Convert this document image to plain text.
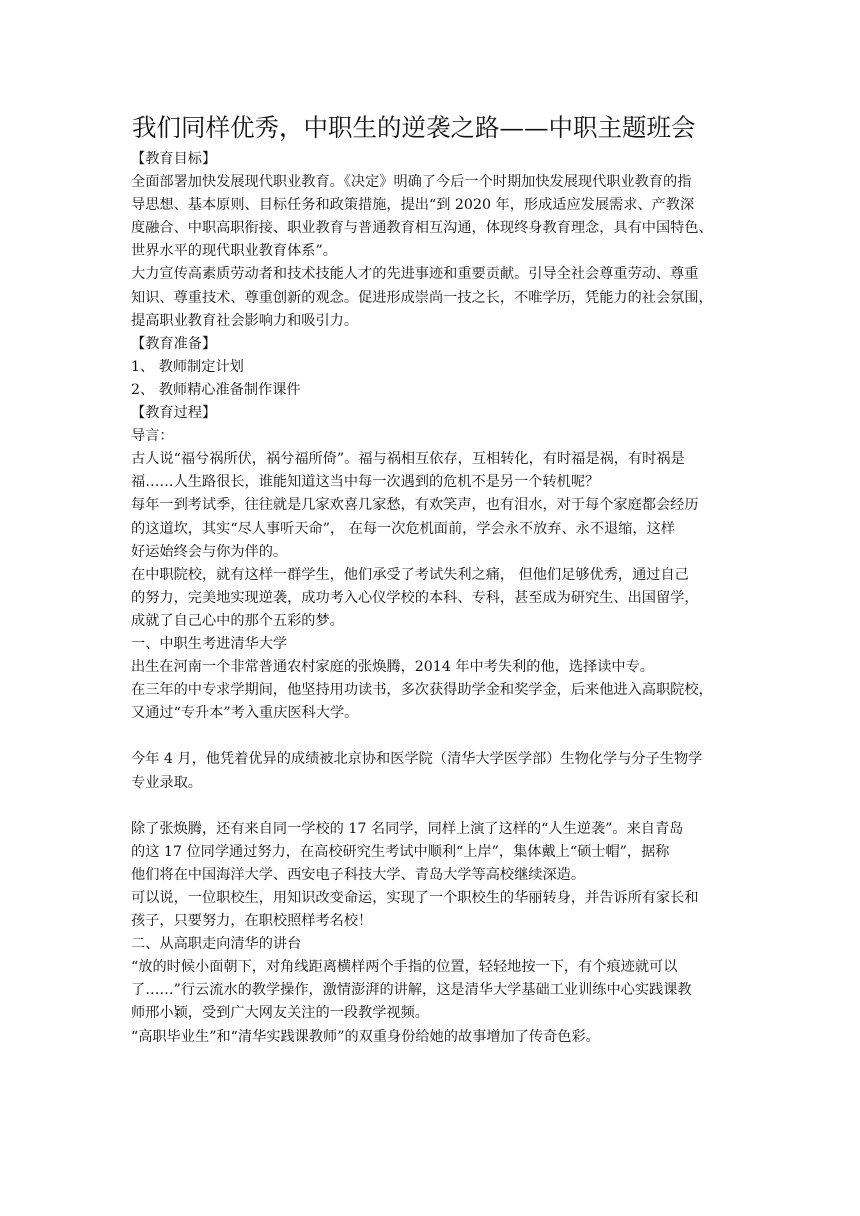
我们同样优秀，中职生的逆袭之路——中职主题班会

【教育目标】

全面部署加快发展现代职业教育。《决定》明确了今后一个时期加快发展现代职业教育的指

导思想、基本原则、目标任务和政策措施，提出“到 2020 年，形成适应发展需求、产教深

度融合、中职高职衔接、职业教育与普通教育相互沟通，体现终身教育理念，具有中国特色、

世界水平的现代职业教育体系”。

大力宣传高素质劳动者和技术技能人才的先进事迹和重要贡献。引导全社会尊重劳动、尊重

知识、尊重技术、尊重创新的观念。促进形成崇尚一技之长，不唯学历，凭能力的社会氛围，

提高职业教育社会影响力和吸引力。

【教育准备】

1、 教师制定计划

2、 教师精心准备制作课件

【教育过程】

导言：

古人说“福兮祸所伏，祸兮福所倚”。福与祸相互依存，互相转化，有时福是祸，有时祸是

福……人生路很长，谁能知道这当中每一次遇到的危机不是另一个转机呢？

每年一到考试季，往往就是几家欢喜几家愁，有欢笑声，也有泪水，对于每个家庭都会经历

的这道坎，其实“尽人事听天命”， 在每一次危机面前，学会永不放弃、永不退缩，这样

好运始终会与你为伴的。

在中职院校，就有这样一群学生，他们承受了考试失利之痛， 但他们足够优秀，通过自己

的努力，完美地实现逆袭，成功考入心仪学校的本科、专科，甚至成为研究生、出国留学，

成就了自己心中的那个五彩的梦。

一、中职生考进清华大学

出生在河南一个非常普通农村家庭的张焕腾，2014 年中考失利的他，选择读中专。

在三年的中专求学期间，他坚持用功读书，多次获得助学金和奖学金，后来他进入高职院校，

又通过“专升本”考入重庆医科大学。

今年 4 月，他凭着优异的成绩被北京协和医学院（清华大学医学部）生物化学与分子生物学

专业录取。

除了张焕腾，还有来自同一学校的 17 名同学，同样上演了这样的“人生逆袭”。来自青岛

的这 17 位同学通过努力，在高校研究生考试中顺利“上岸”，集体戴上“硕士帽”，据称

他们将在中国海洋大学、西安电子科技大学、青岛大学等高校继续深造。

可以说，一位职校生，用知识改变命运，实现了一个职校生的华丽转身，并告诉所有家长和

孩子，只要努力，在职校照样考名校！

二、从高职走向清华的讲台

“放的时候小面朝下，对角线距离横样两个手指的位置，轻轻地按一下，有个痕迹就可以

了……”行云流水的教学操作，激情澎湃的讲解，这是清华大学基础工业训练中心实践课教

师邢小颖，受到广大网友关注的一段教学视频。

“高职毕业生”和“清华实践课教师”的双重身份给她的故事增加了传奇色彩。
